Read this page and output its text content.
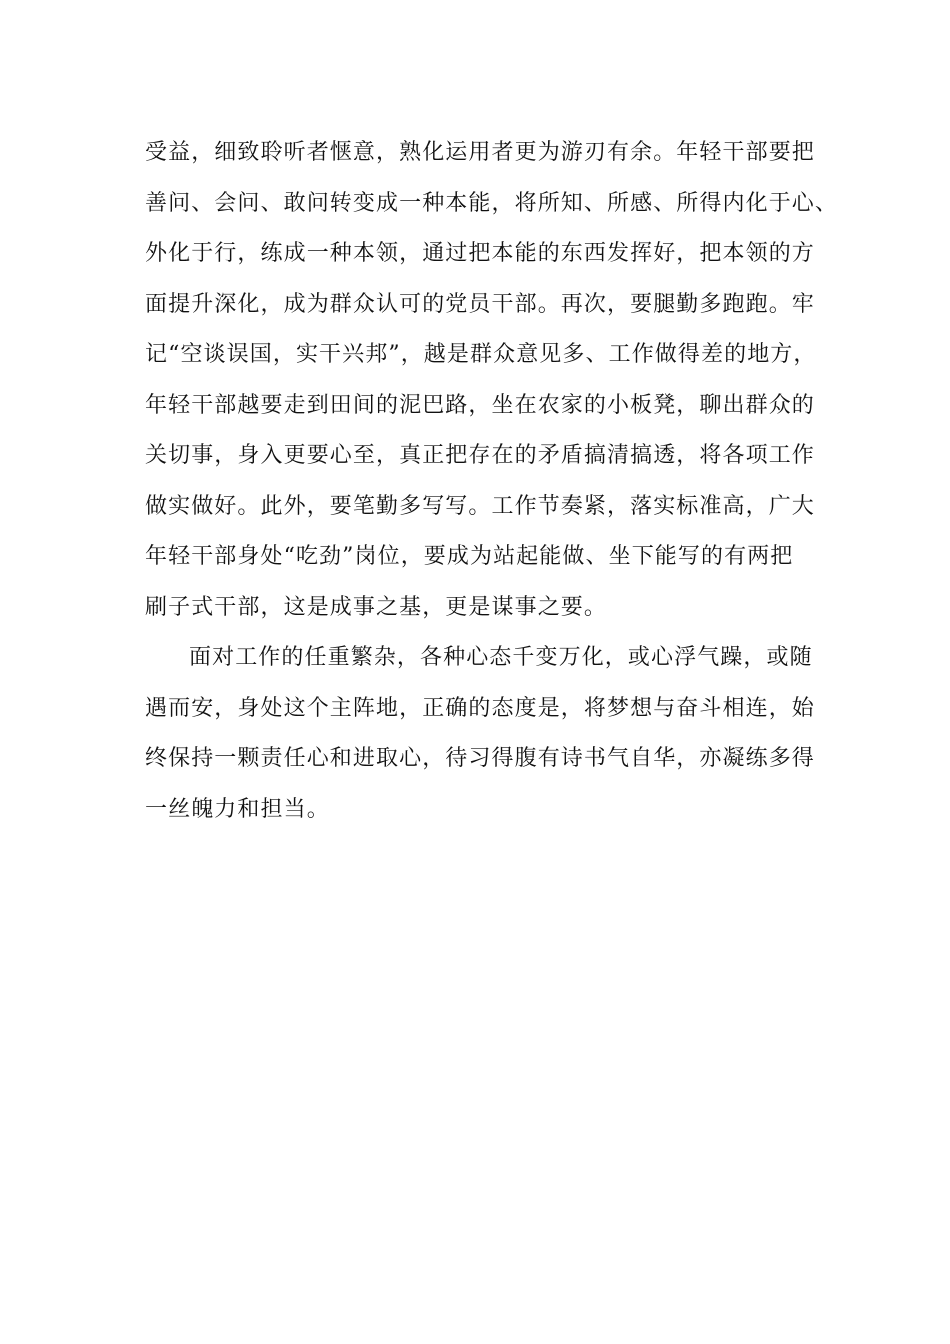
受益，细致聆听者惬意，熟化运用者更为游刃有余。年轻干部要把
善问、会问、敢问转变成一种本能，将所知、所感、所得内化于心、
外化于行，练成一种本领，通过把本能的东西发挥好，把本领的方
面提升深化，成为群众认可的党员干部。再次，要腿勤多跑跑。牢
记“空谈误国，实干兴邦”，越是群众意见多、工作做得差的地方，
年轻干部越要走到田间的泥巴路，坐在农家的小板凳，聊出群众的
关切事，身入更要心至，真正把存在的矛盾搞清搞透，将各项工作
做实做好。此外，要笔勤多写写。工作节奏紧，落实标准高，广大
年轻干部身处“吃劲”岗位，要成为站起能做、坐下能写的有两把
刷子式干部，这是成事之基，更是谋事之要。
面对工作的任重繁杂，各种心态千变万化，或心浮气躁，或随
遇而安，身处这个主阵地，正确的态度是，将梦想与奋斗相连，始
终保持一颗责任心和进取心，待习得腹有诗书气自华，亦凝练多得
一丝魄力和担当。
